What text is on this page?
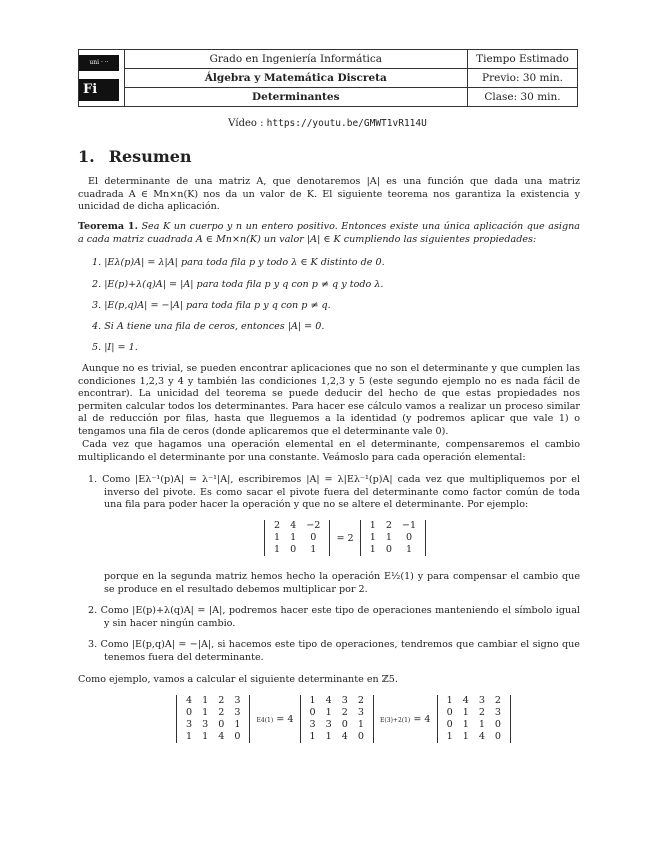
uni · ··
Fi	Grado en Ingeniería Informática	Tiempo Estimado
	Álgebra y Matemática Discreta	Previo: 30 min.
	Determinantes	Clase: 30 min.
Vídeo : https://youtu.be/GMWT1vR114U
1. Resumen

El determinante de una matriz A, que denotaremos |A| es una función que dada una matriz cuadrada A ∈ Mn×n(K) nos da un valor de K. El siguiente teorema nos garantiza la existencia y unicidad de dicha aplicación.

Teorema 1. Sea K un cuerpo y n un entero positivo. Entonces existe una única aplicación que asigna a cada matriz cuadrada A ∈ Mn×n(K) un valor |A| ∈ K cumpliendo las siguientes propiedades:

1. |Eλ(p)A| = λ|A| para toda fila p y todo λ ∈ K distinto de 0.

2. |E(p)+λ(q)A| = |A| para toda fila p y q con p ≠ q y todo λ.

3. |E(p,q)A| = −|A| para toda fila p y q con p ≠ q.

4. Si A tiene una fila de ceros, entonces |A| = 0.

5. |I| = 1.

Aunque no es trivial, se pueden encontrar aplicaciones que no son el determinante y que cumplen las condiciones 1,2,3 y 4 y también las condiciones 1,2,3 y 5 (este segundo ejemplo no es nada fácil de encontrar). La unicidad del teorema se puede deducir del hecho de que estas propiedades nos permiten calcular todos los determinantes. Para hacer ese cálculo vamos a realizar un proceso similar al de reducción por filas, hasta que lleguemos a la identidad (y podremos aplicar que vale 1) o tengamos una fila de ceros (donde aplicaremos que el determinante vale 0).

Cada vez que hagamos una operación elemental en el determinante, compensaremos el cambio multiplicando el determinante por una constante. Veámoslo para cada operación elemental:

1. Como |Eλ⁻¹(p)A| = λ⁻¹|A|, escribiremos |A| = λ|Eλ⁻¹(p)A| cada vez que multipliquemos por el inverso del pivote. Es como sacar el pivote fuera del determinante como factor común de toda una fila para poder hacer la operación y que no se altere el determinante. Por ejemplo:

2	4	−2
1	1	0
1	0	1
= 2
1	2	−1
1	1	0
1	0	1

porque en la segunda matriz hemos hecho la operación E½(1) y para compensar el cambio que se produce en el resultado debemos multiplicar por 2.

2. Como |E(p)+λ(q)A| = |A|, podremos hacer este tipo de operaciones manteniendo el símbolo igual y sin hacer ningún cambio.

3. Como |E(p,q)A| = −|A|, si hacemos este tipo de operaciones, tendremos que cambiar el signo que tenemos fuera del determinante.

Como ejemplo, vamos a calcular el siguiente determinante en ℤ5.

4	1	2	3
0	1	2	3
3	3	0	1
1	1	4	0
E4(1) = 4
1	4	3	2
0	1	2	3
3	3	0	1
1	1	4	0
E(3)+2(1) = 4
1	4	3	2
0	1	2	3
0	1	1	0
1	1	4	0
